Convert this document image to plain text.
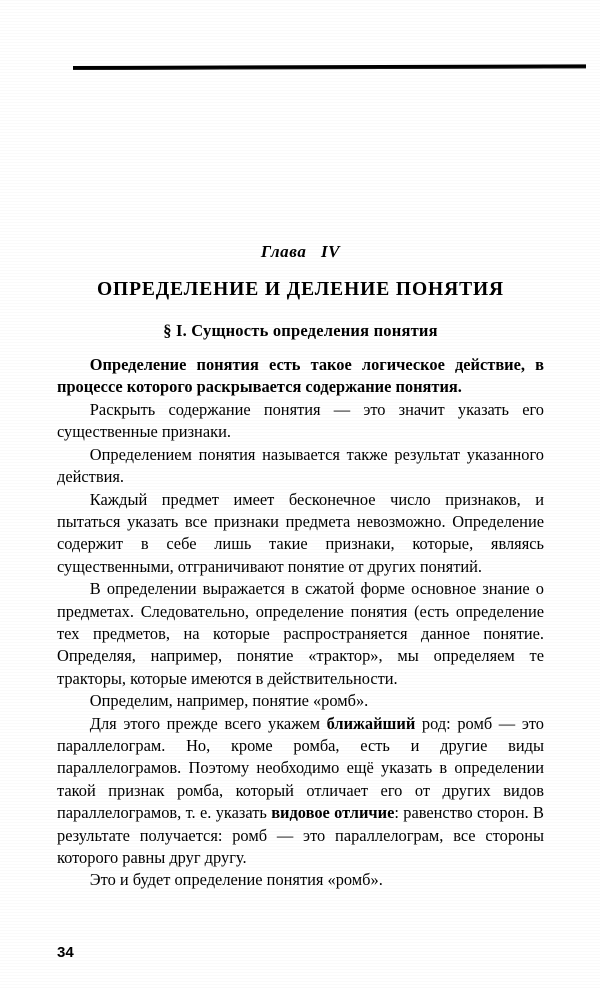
Глава IV
ОПРЕДЕЛЕНИЕ И ДЕЛЕНИЕ ПОНЯТИЯ
§ I. Сущность определения понятия

Определение понятия есть такое логическое действие, в процессе которого раскрывается содержание понятия.

Раскрыть содержание понятия — это значит указать его существенные признаки.

Определением понятия называется также результат указанного действия.

Каждый предмет имеет бесконечное число признаков, и пытаться указать все признаки предмета невозможно. Определение содержит в себе лишь такие признаки, которые, являясь существенными, отграничивают понятие от других понятий.

В определении выражается в сжатой форме основное знание о предметах. Следовательно, определение понятия (есть определение тех предметов, на которые распространяется данное понятие. Определяя, например, понятие «трактор», мы определяем те тракторы, которые имеются в действительности.

Определим, например, понятие «ромб».

Для этого прежде всего укажем ближайший род: ромб — это параллелограм. Но, кроме ромба, есть и другие виды параллелограмов. Поэтому необходимо ещё указать в определении такой признак ромба, который отличает его от других видов параллелограмов, т. е. указать видовое отличие: равенство сторон. В результате получается: ромб — это параллелограм, все стороны которого равны друг другу.

Это и будет определение понятия «ромб».

34
